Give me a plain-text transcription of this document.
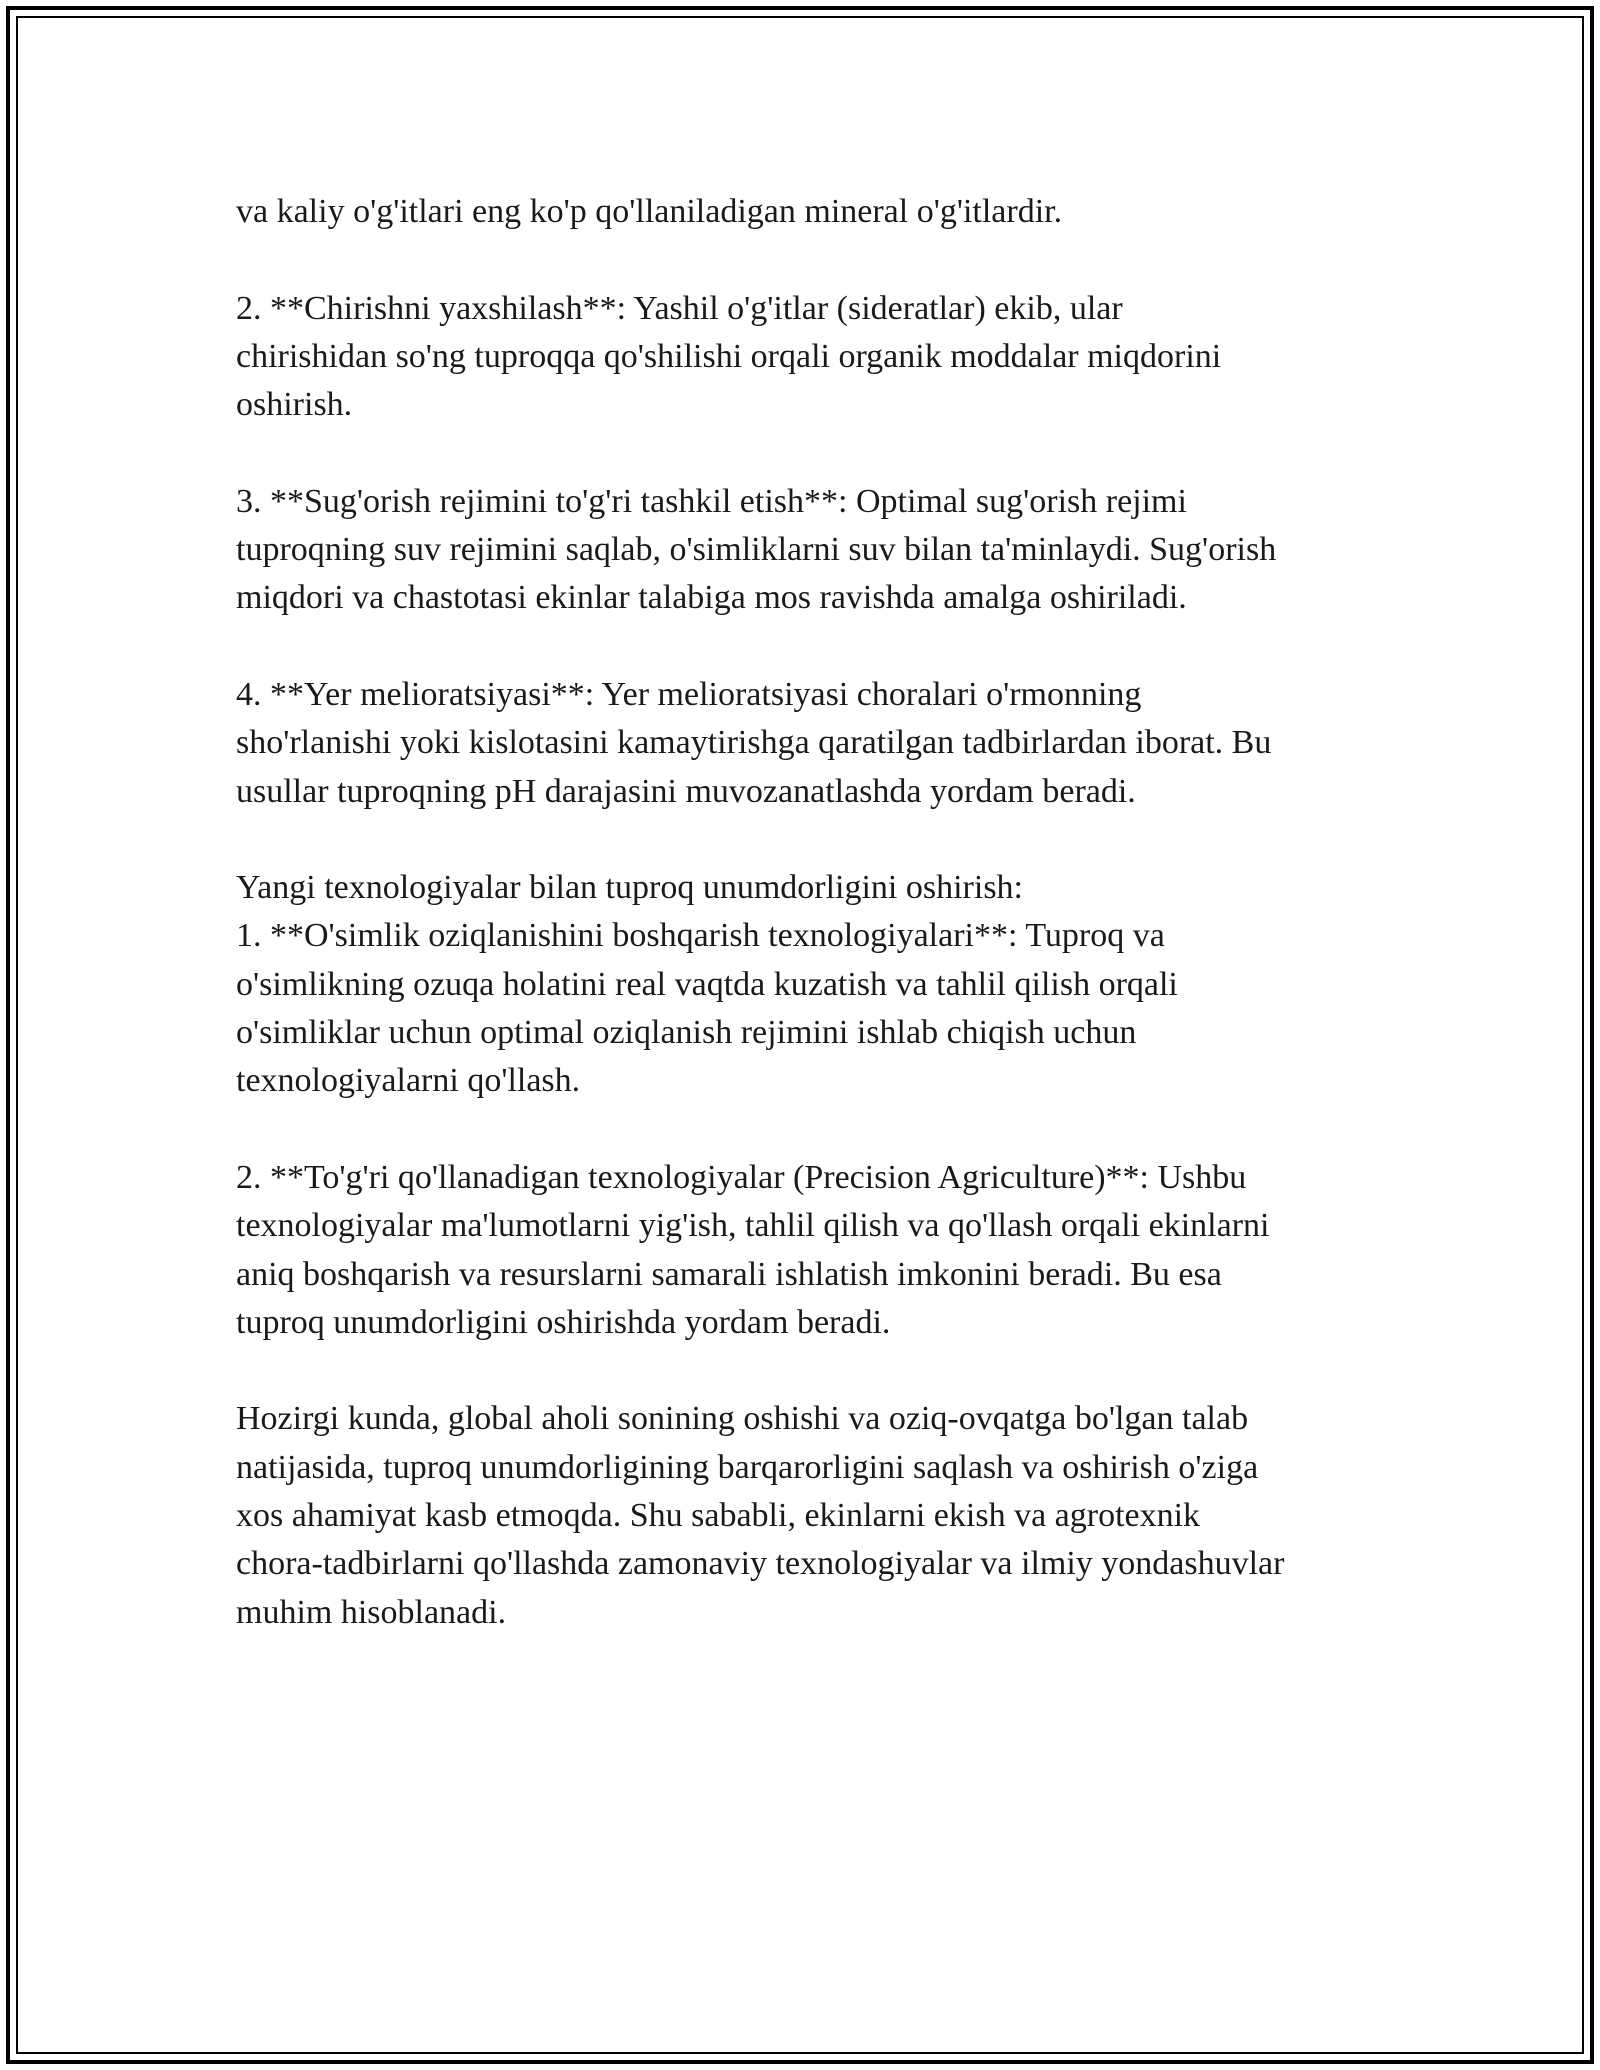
va kaliy o'g'itlari eng ko'p qo'llaniladigan mineral o'g'itlardir.
2. **Chirishni yaxshilash**: Yashil o'g'itlar (sideratlar) ekib, ular
chirishidan so'ng tuproqqa qo'shilishi orqali organik moddalar miqdorini
oshirish.
3. **Sug'orish rejimini to'g'ri tashkil etish**: Optimal sug'orish rejimi
tuproqning suv rejimini saqlab, o'simliklarni suv bilan ta'minlaydi. Sug'orish
miqdori va chastotasi ekinlar talabiga mos ravishda amalga oshiriladi.
4. **Yer melioratsiyasi**: Yer melioratsiyasi choralari o'rmonning
sho'rlanishi yoki kislotasini kamaytirishga qaratilgan tadbirlardan iborat. Bu
usullar tuproqning pH darajasini muvozanatlashda yordam beradi.
Yangi texnologiyalar bilan tuproq unumdorligini oshirish:
1. **O'simlik oziqlanishini boshqarish texnologiyalari**: Tuproq va
o'simlikning ozuqa holatini real vaqtda kuzatish va tahlil qilish orqali
o'simliklar uchun optimal oziqlanish rejimini ishlab chiqish uchun
texnologiyalarni qo'llash.
2. **To'g'ri qo'llanadigan texnologiyalar (Precision Agriculture)**: Ushbu
texnologiyalar ma'lumotlarni yig'ish, tahlil qilish va qo'llash orqali ekinlarni
aniq boshqarish va resurslarni samarali ishlatish imkonini beradi. Bu esa
tuproq unumdorligini oshirishda yordam beradi.
Hozirgi kunda, global aholi sonining oshishi va oziq-ovqatga bo'lgan talab
natijasida, tuproq unumdorligining barqarorligini saqlash va oshirish o'ziga
xos ahamiyat kasb etmoqda. Shu sababli, ekinlarni ekish va agrotexnik
chora-tadbirlarni qo'llashda zamonaviy texnologiyalar va ilmiy yondashuvlar
muhim hisoblanadi.
